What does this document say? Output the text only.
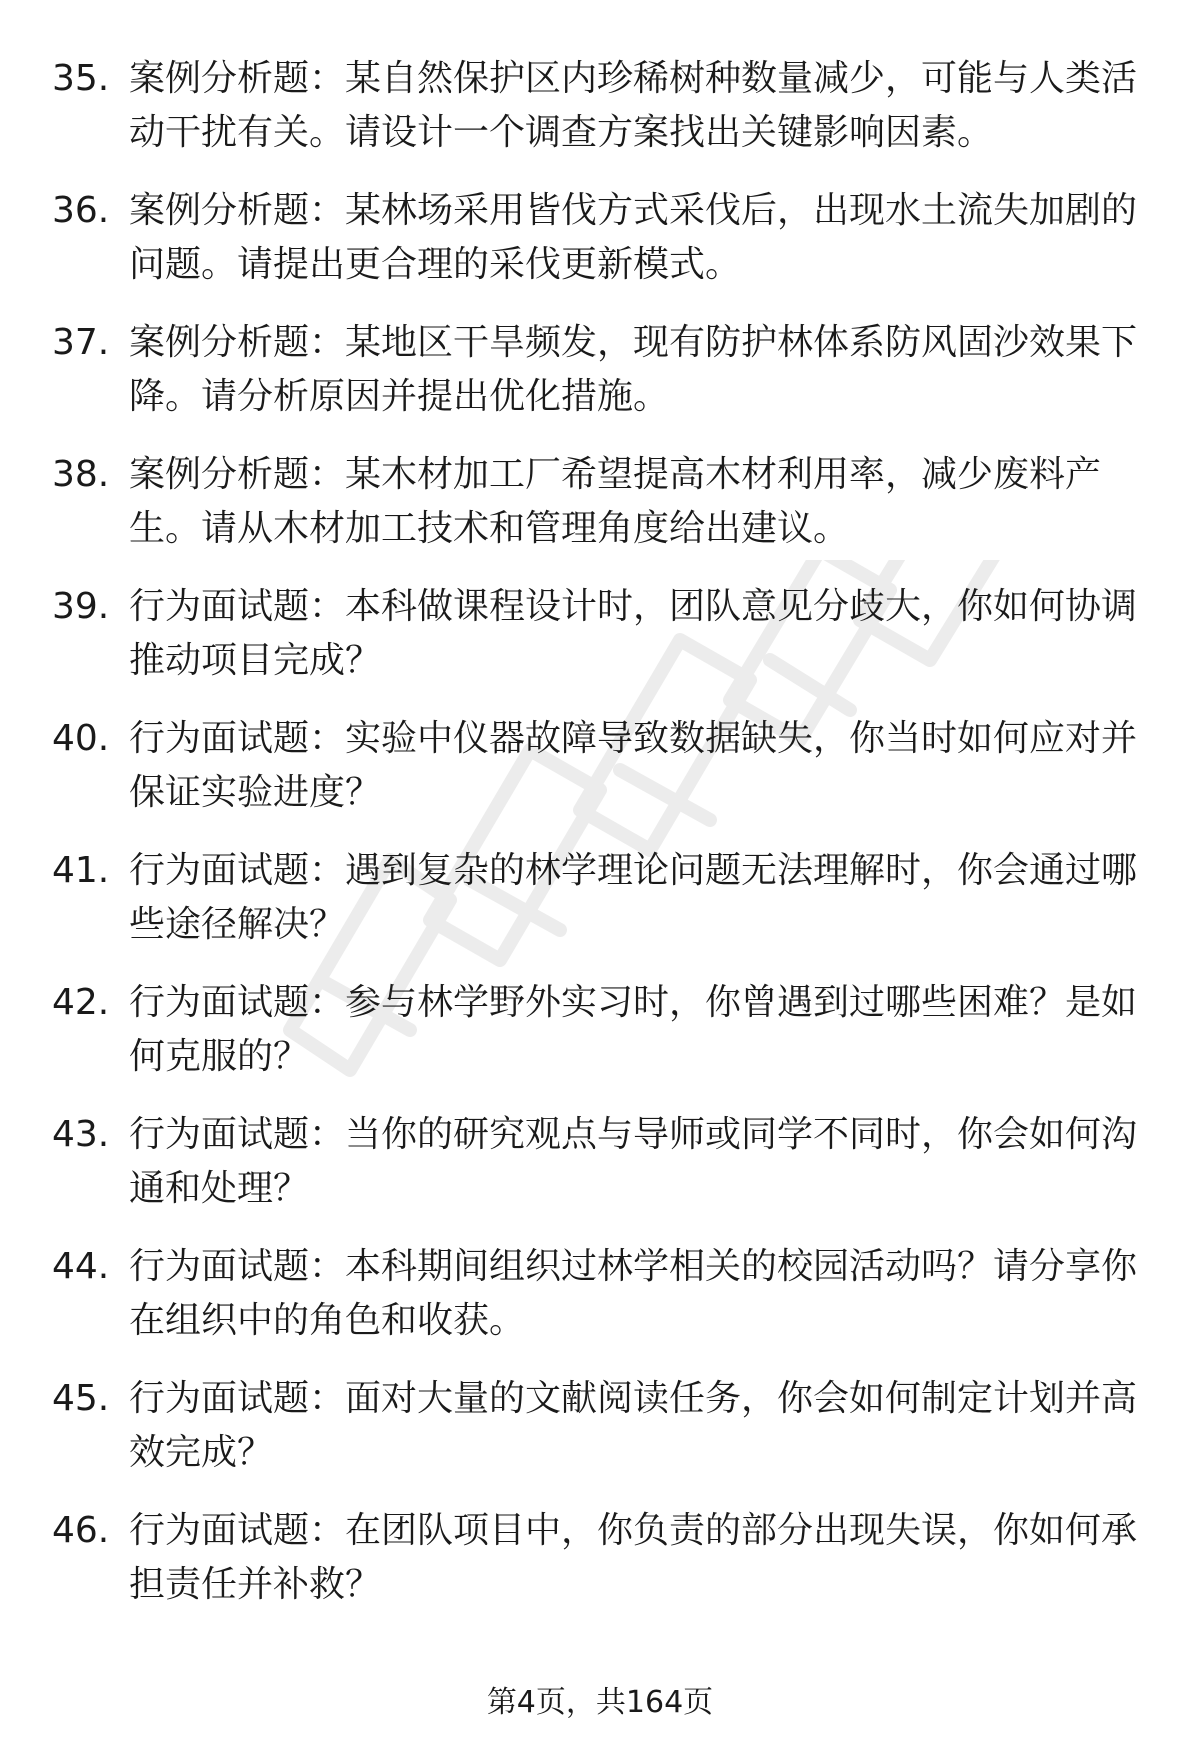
35. 案例分析题：某自然保护区内珍稀树种数量减少，可能与人类活动干扰有关。请设计一个调查方案找出关键影响因素。
36. 案例分析题：某林场采用皆伐方式采伐后，出现水土流失加剧的问题。请提出更合理的采伐更新模式。
37. 案例分析题：某地区干旱频发，现有防护林体系防风固沙效果下降。请分析原因并提出优化措施。
38. 案例分析题：某木材加工厂希望提高木材利用率，减少废料产生。请从木材加工技术和管理角度给出建议。
39. 行为面试题：本科做课程设计时，团队意见分歧大，你如何协调推动项目完成？
40. 行为面试题：实验中仪器故障导致数据缺失，你当时如何应对并保证实验进度？
41. 行为面试题：遇到复杂的林学理论问题无法理解时，你会通过哪些途径解决？
42. 行为面试题：参与林学野外实习时，你曾遇到过哪些困难？是如何克服的？
43. 行为面试题：当你的研究观点与导师或同学不同时，你会如何沟通和处理？
44. 行为面试题：本科期间组织过林学相关的校园活动吗？请分享你在组织中的角色和收获。
45. 行为面试题：面对大量的文献阅读任务，你会如何制定计划并高效完成？
46. 行为面试题：在团队项目中，你负责的部分出现失误，你如何承担责任并补救？
第4页，共164页
